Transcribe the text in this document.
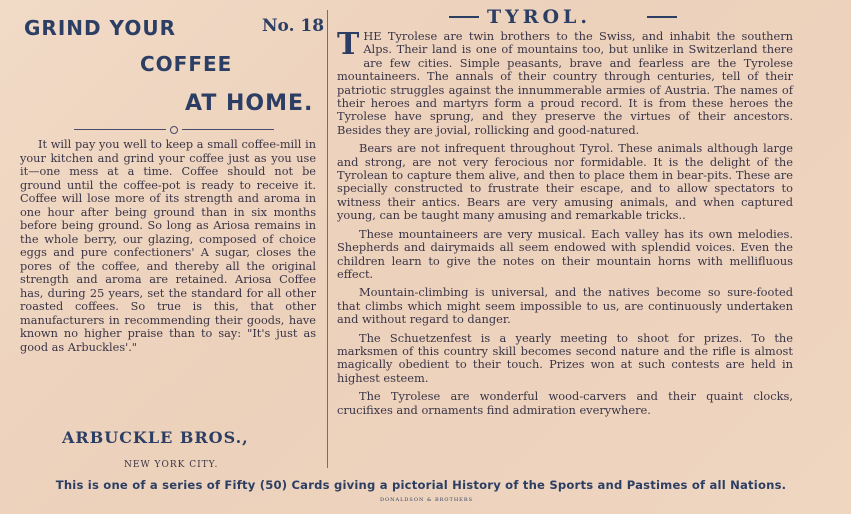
GRIND YOUR	No. 18
COFFEE
AT HOME.
It will pay you well to keep a small coffee-mill in your kitchen and grind your coffee just as you use it—one mess at a time. Coffee should not be ground until the coffee-pot is ready to receive it. Coffee will lose more of its strength and aroma in one hour after being ground than in six months before being ground. So long as Ariosa remains in the whole berry, our glazing, composed of choice eggs and pure confectioners' A sugar, closes the pores of the coffee, and thereby all the original strength and aroma are retained. Ariosa Coffee has, during 25 years, set the standard for all other roasted coffees. So true is this, that other manufacturers in recommending their goods, have known no higher praise than to say: "It's just as good as Arbuckles'."
ARBUCKLE BROS.,
NEW YORK CITY.
TYROL.

THE Tyrolese are twin brothers to the Swiss, and inhabit the southern Alps. Their land is one of mountains too, but unlike in Switzerland there are few cities. Simple peasants, brave and fearless are the Tyrolese mountaineers. The annals of their country through centuries, tell of their patriotic struggles against the innummerable armies of Austria. The names of their heroes and martyrs form a proud record. It is from these heroes the Tyrolese have sprung, and they preserve the virtues of their ancestors. Besides they are jovial, rollicking and good-natured.

Bears are not infrequent throughout Tyrol. These animals although large and strong, are not very ferocious nor formidable. It is the delight of the Tyrolean to capture them alive, and then to place them in bear-pits. These are specially constructed to frustrate their escape, and to allow spectators to witness their antics. Bears are very amusing animals, and when captured young, can be taught many amusing and remarkable tricks..

These mountaineers are very musical. Each valley has its own melodies. Shepherds and dairymaids all seem endowed with splendid voices. Even the children learn to give the notes on their mountain horns with mellifluous effect.

Mountain-climbing is universal, and the natives become so sure-footed that climbs which might seem impossible to us, are continuously undertaken and without regard to danger.

The Schuetzenfest is a yearly meeting to shoot for prizes. To the marksmen of this country skill becomes second nature and the rifle is almost magically obedient to their touch. Prizes won at such contests are held in highest esteem.

The Tyrolese are wonderful wood-carvers and their quaint clocks, crucifixes and ornaments find admiration everywhere.

This is one of a series of Fifty (50) Cards giving a pictorial History of the Sports and Pastimes of all Nations.
DONALDSON & BROTHERS
